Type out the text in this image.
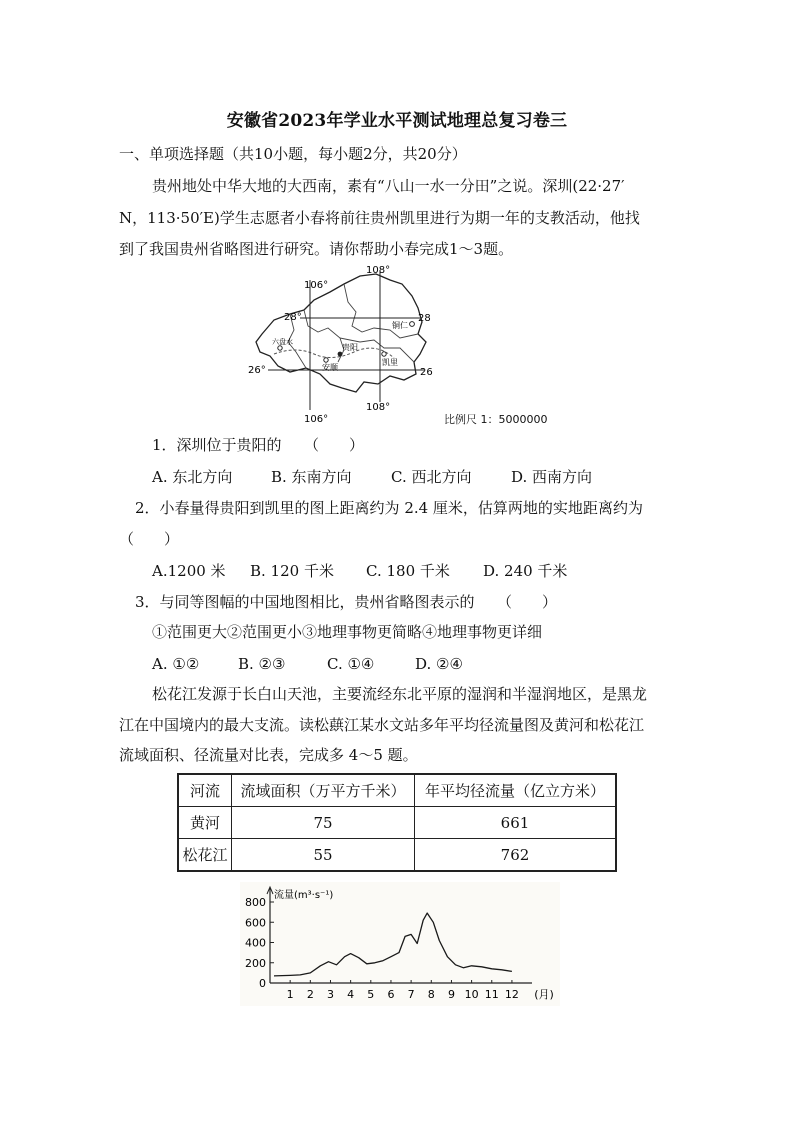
安徽省2023年学业水平测试地理总复习卷三
一、单项选择题（共10小题，每小题2分，共20分）
贵州地处中华大地的大西南，素有“八山一水一分田”之说。深圳(22·27′
N，113·50′E)学生志愿者小春将前往贵州凯里进行为期一年的支教活动，他找
到了我国贵州省略图进行研究。请你帮助小春完成1～3题。
106°
108°
106°
108°
28°	28
26°	26
铜仁
六盘水
贵阳
凯里
安顺
比例尺 1：5000000
1．深圳位于贵阳的　　（　　）
A. 东北方向	B. 东南方向	C. 西北方向	D. 西南方向
2．小春量得贵阳到凯里的图上距离约为 2.4 厘米，估算两地的实地距离约为
（　　）
A.1200 米 B. 120 千米 C. 180 千米 D. 240 千米
3．与同等图幅的中国地图相比，贵州省略图表示的　　（　　）
①范围更大②范围更小③地理事物更简略④地理事物更详细
A. ①②	B. ②③	C. ①④	D. ②④
松花江发源于长白山天池，主要流经东北平原的湿润和半湿润地区，是黑龙
江在中国境内的最大支流。读松蕻江某水文站多年平均径流量图及黄河和松花江
流域面积、径流量对比表，完成多 4～5 题。
河流	流域面积（万平方千米）	年平均径流量（亿立方米）
黄河	75	661
松花江	55	762
流量(m³·s⁻¹)
0
200
400
600
800
1 2 3 4 5 6 7 8 9 10 11 12 (月)
